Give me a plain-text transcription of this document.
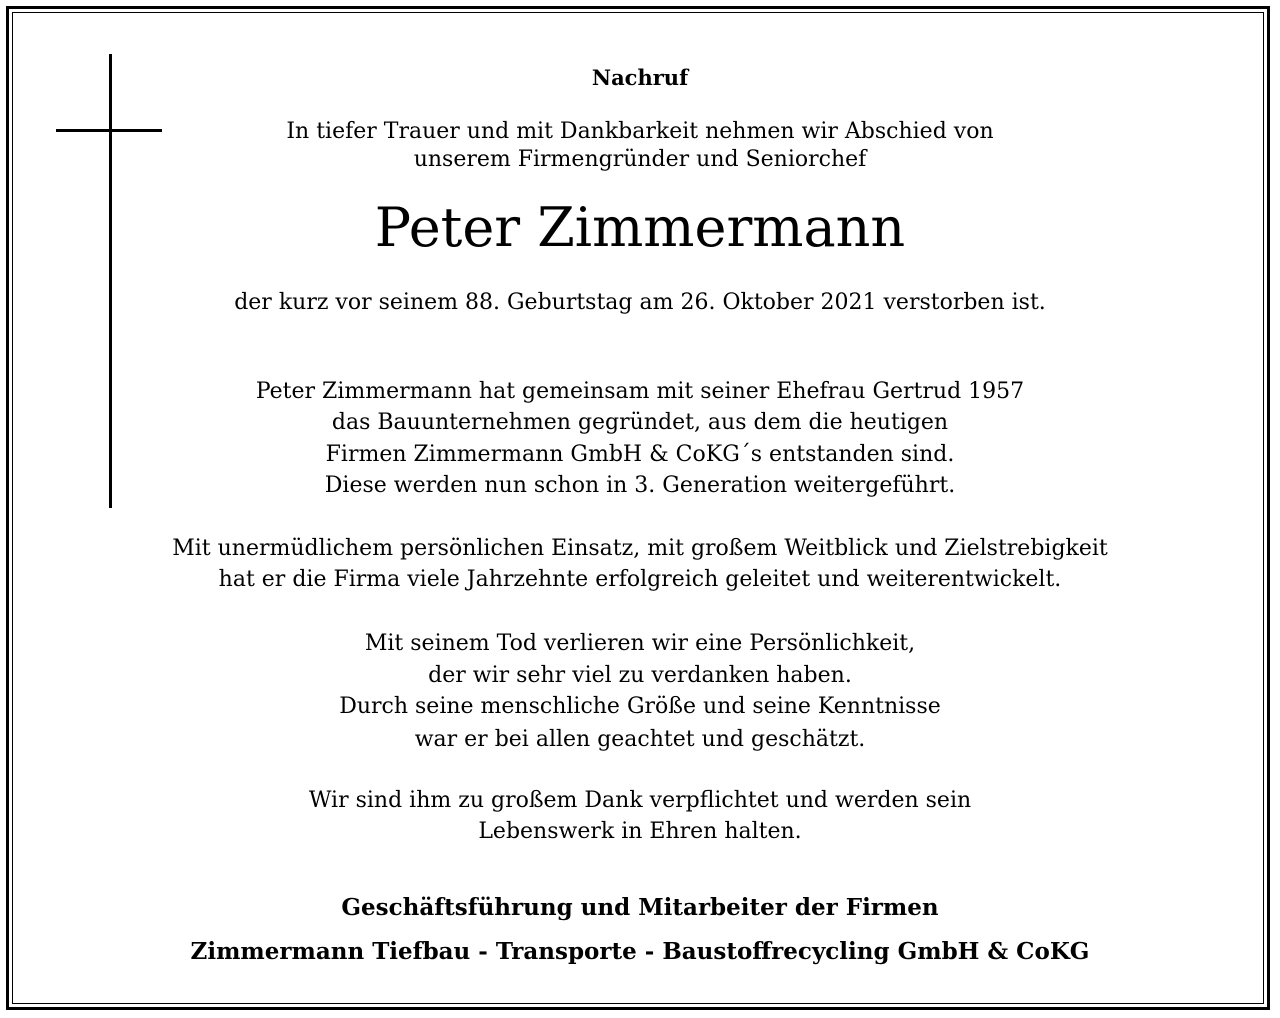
Nachruf
In tiefer Trauer und mit Dankbarkeit nehmen wir Abschied von
unserem Firmengründer und Seniorchef
Peter Zimmermann
der kurz vor seinem 88. Geburtstag am 26. Oktober 2021 verstorben ist.
Peter Zimmermann hat gemeinsam mit seiner Ehefrau Gertrud 1957
das Bauunternehmen gegründet, aus dem die heutigen
Firmen Zimmermann GmbH & CoKG´s entstanden sind.
Diese werden nun schon in 3. Generation weitergeführt.
Mit unermüdlichem persönlichen Einsatz, mit großem Weitblick und Zielstrebigkeit
hat er die Firma viele Jahrzehnte erfolgreich geleitet und weiterentwickelt.
Mit seinem Tod verlieren wir eine Persönlichkeit,
der wir sehr viel zu verdanken haben.
Durch seine menschliche Größe und seine Kenntnisse
war er bei allen geachtet und geschätzt.
Wir sind ihm zu großem Dank verpflichtet und werden sein
Lebenswerk in Ehren halten.
Geschäftsführung und Mitarbeiter der Firmen
Zimmermann Tiefbau - Transporte - Baustoffrecycling GmbH & CoKG
